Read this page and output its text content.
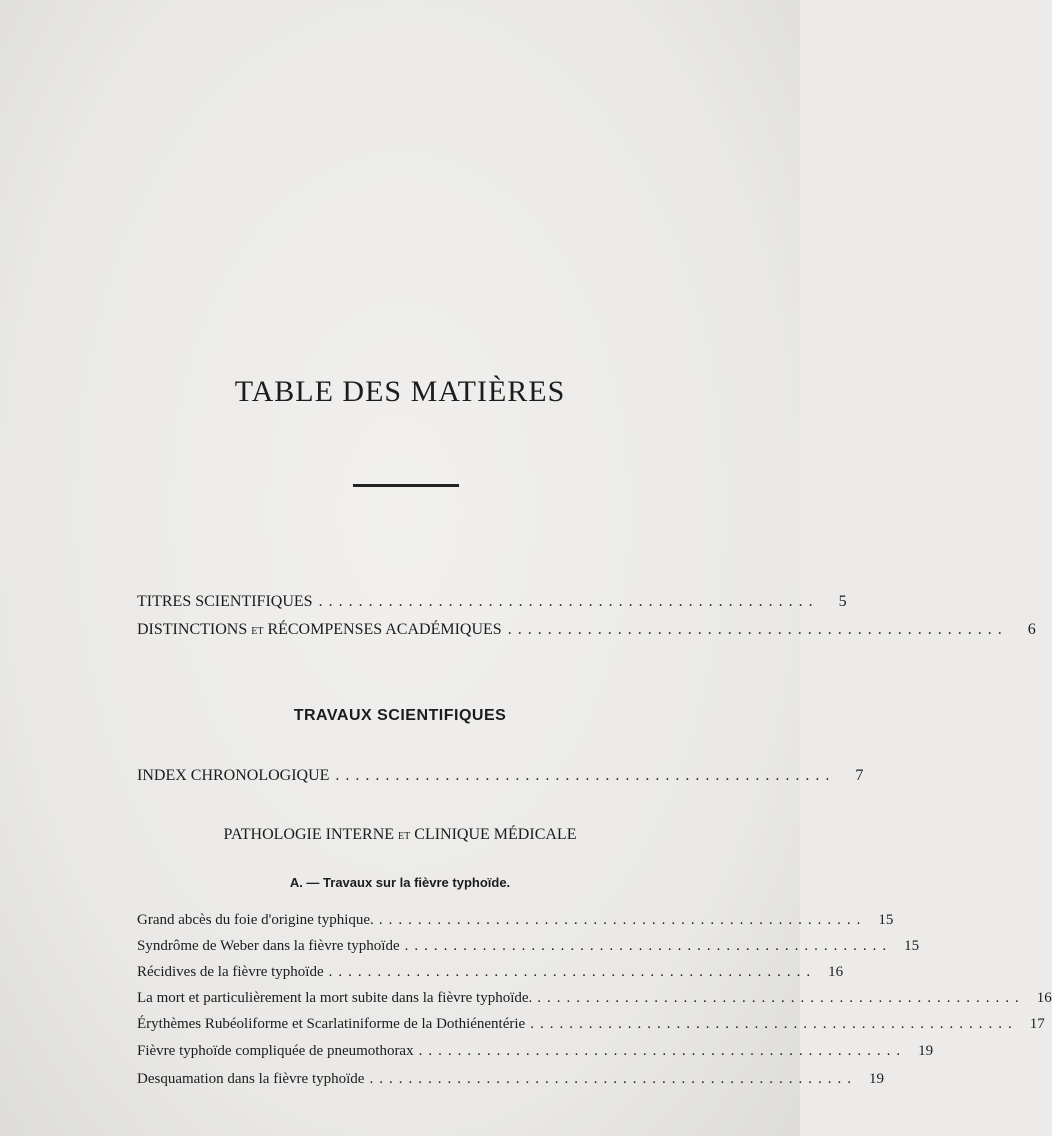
TABLE DES MATIÈRES
TITRES SCIENTIFIQUES ..................................................	5
DISTINCTIONS ET RÉCOMPENSES ACADÉMIQUES ..................................................	6
TRAVAUX SCIENTIFIQUES
INDEX CHRONOLOGIQUE ..................................................	7
PATHOLOGIE INTERNE ET CLINIQUE MÉDICALE
A. — Travaux sur la fièvre typhoïde.
Grand abcès du foie d'origine typhique. .................................................. 15
Syndrôme de Weber dans la fièvre typhoïde .................................................. 15
Récidives de la fièvre typhoïde .................................................. 16
La mort et particulièrement la mort subite dans la fièvre typhoïde. .................................................. 16
Érythèmes Rubéoliforme et Scarlatiniforme de la Dothiénentérie .................................................. 17
Fièvre typhoïde compliquée de pneumothorax .................................................. 19
Desquamation dans la fièvre typhoïde .................................................. 19
